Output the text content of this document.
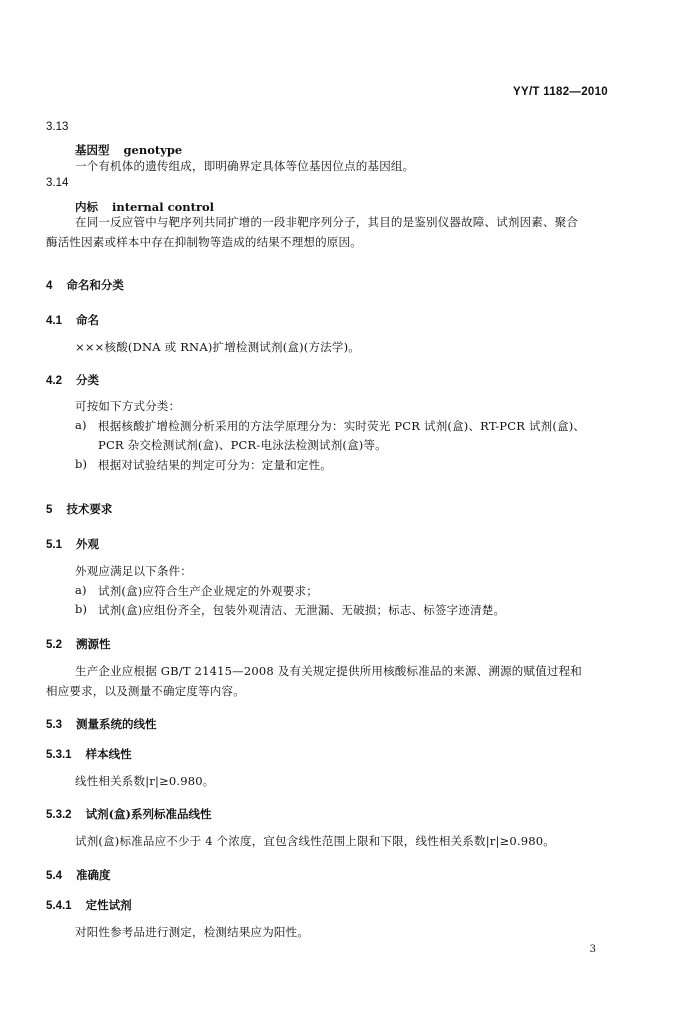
YY/T 1182—2010
3.13
基因型 genotype
一个有机体的遗传组成，即明确界定具体等位基因位点的基因组。
3.14
内标 internal control
在同一反应管中与靶序列共同扩增的一段非靶序列分子，其目的是鉴别仪器故障、试剂因素、聚合
酶活性因素或样本中存在抑制物等造成的结果不理想的原因。
4 命名和分类
4.1 命名
×××核酸(DNA 或 RNA)扩增检测试剂(盒)(方法学)。
4.2 分类
可按如下方式分类：
a) 根据核酸扩增检测分析采用的方法学原理分为：实时荧光 PCR 试剂(盒)、RT-PCR 试剂(盒)、
PCR 杂交检测试剂(盒)、PCR-电泳法检测试剂(盒)等。
b) 根据对试验结果的判定可分为：定量和定性。
5 技术要求
5.1 外观
外观应满足以下条件：
a) 试剂(盒)应符合生产企业规定的外观要求；
b) 试剂(盒)应组份齐全，包装外观清洁、无泄漏、无破损；标志、标签字迹清楚。
5.2 溯源性
生产企业应根据 GB/T 21415—2008 及有关规定提供所用核酸标准品的来源、溯源的赋值过程和
相应要求，以及测量不确定度等内容。
5.3 测量系统的线性
5.3.1 样本线性
线性相关系数|r|≥0.980。
5.3.2 试剂(盒)系列标准品线性
试剂(盒)标准品应不少于 4 个浓度，宜包含线性范围上限和下限，线性相关系数|r|≥0.980。
5.4 准确度
5.4.1 定性试剂
对阳性参考品进行测定，检测结果应为阳性。
3
